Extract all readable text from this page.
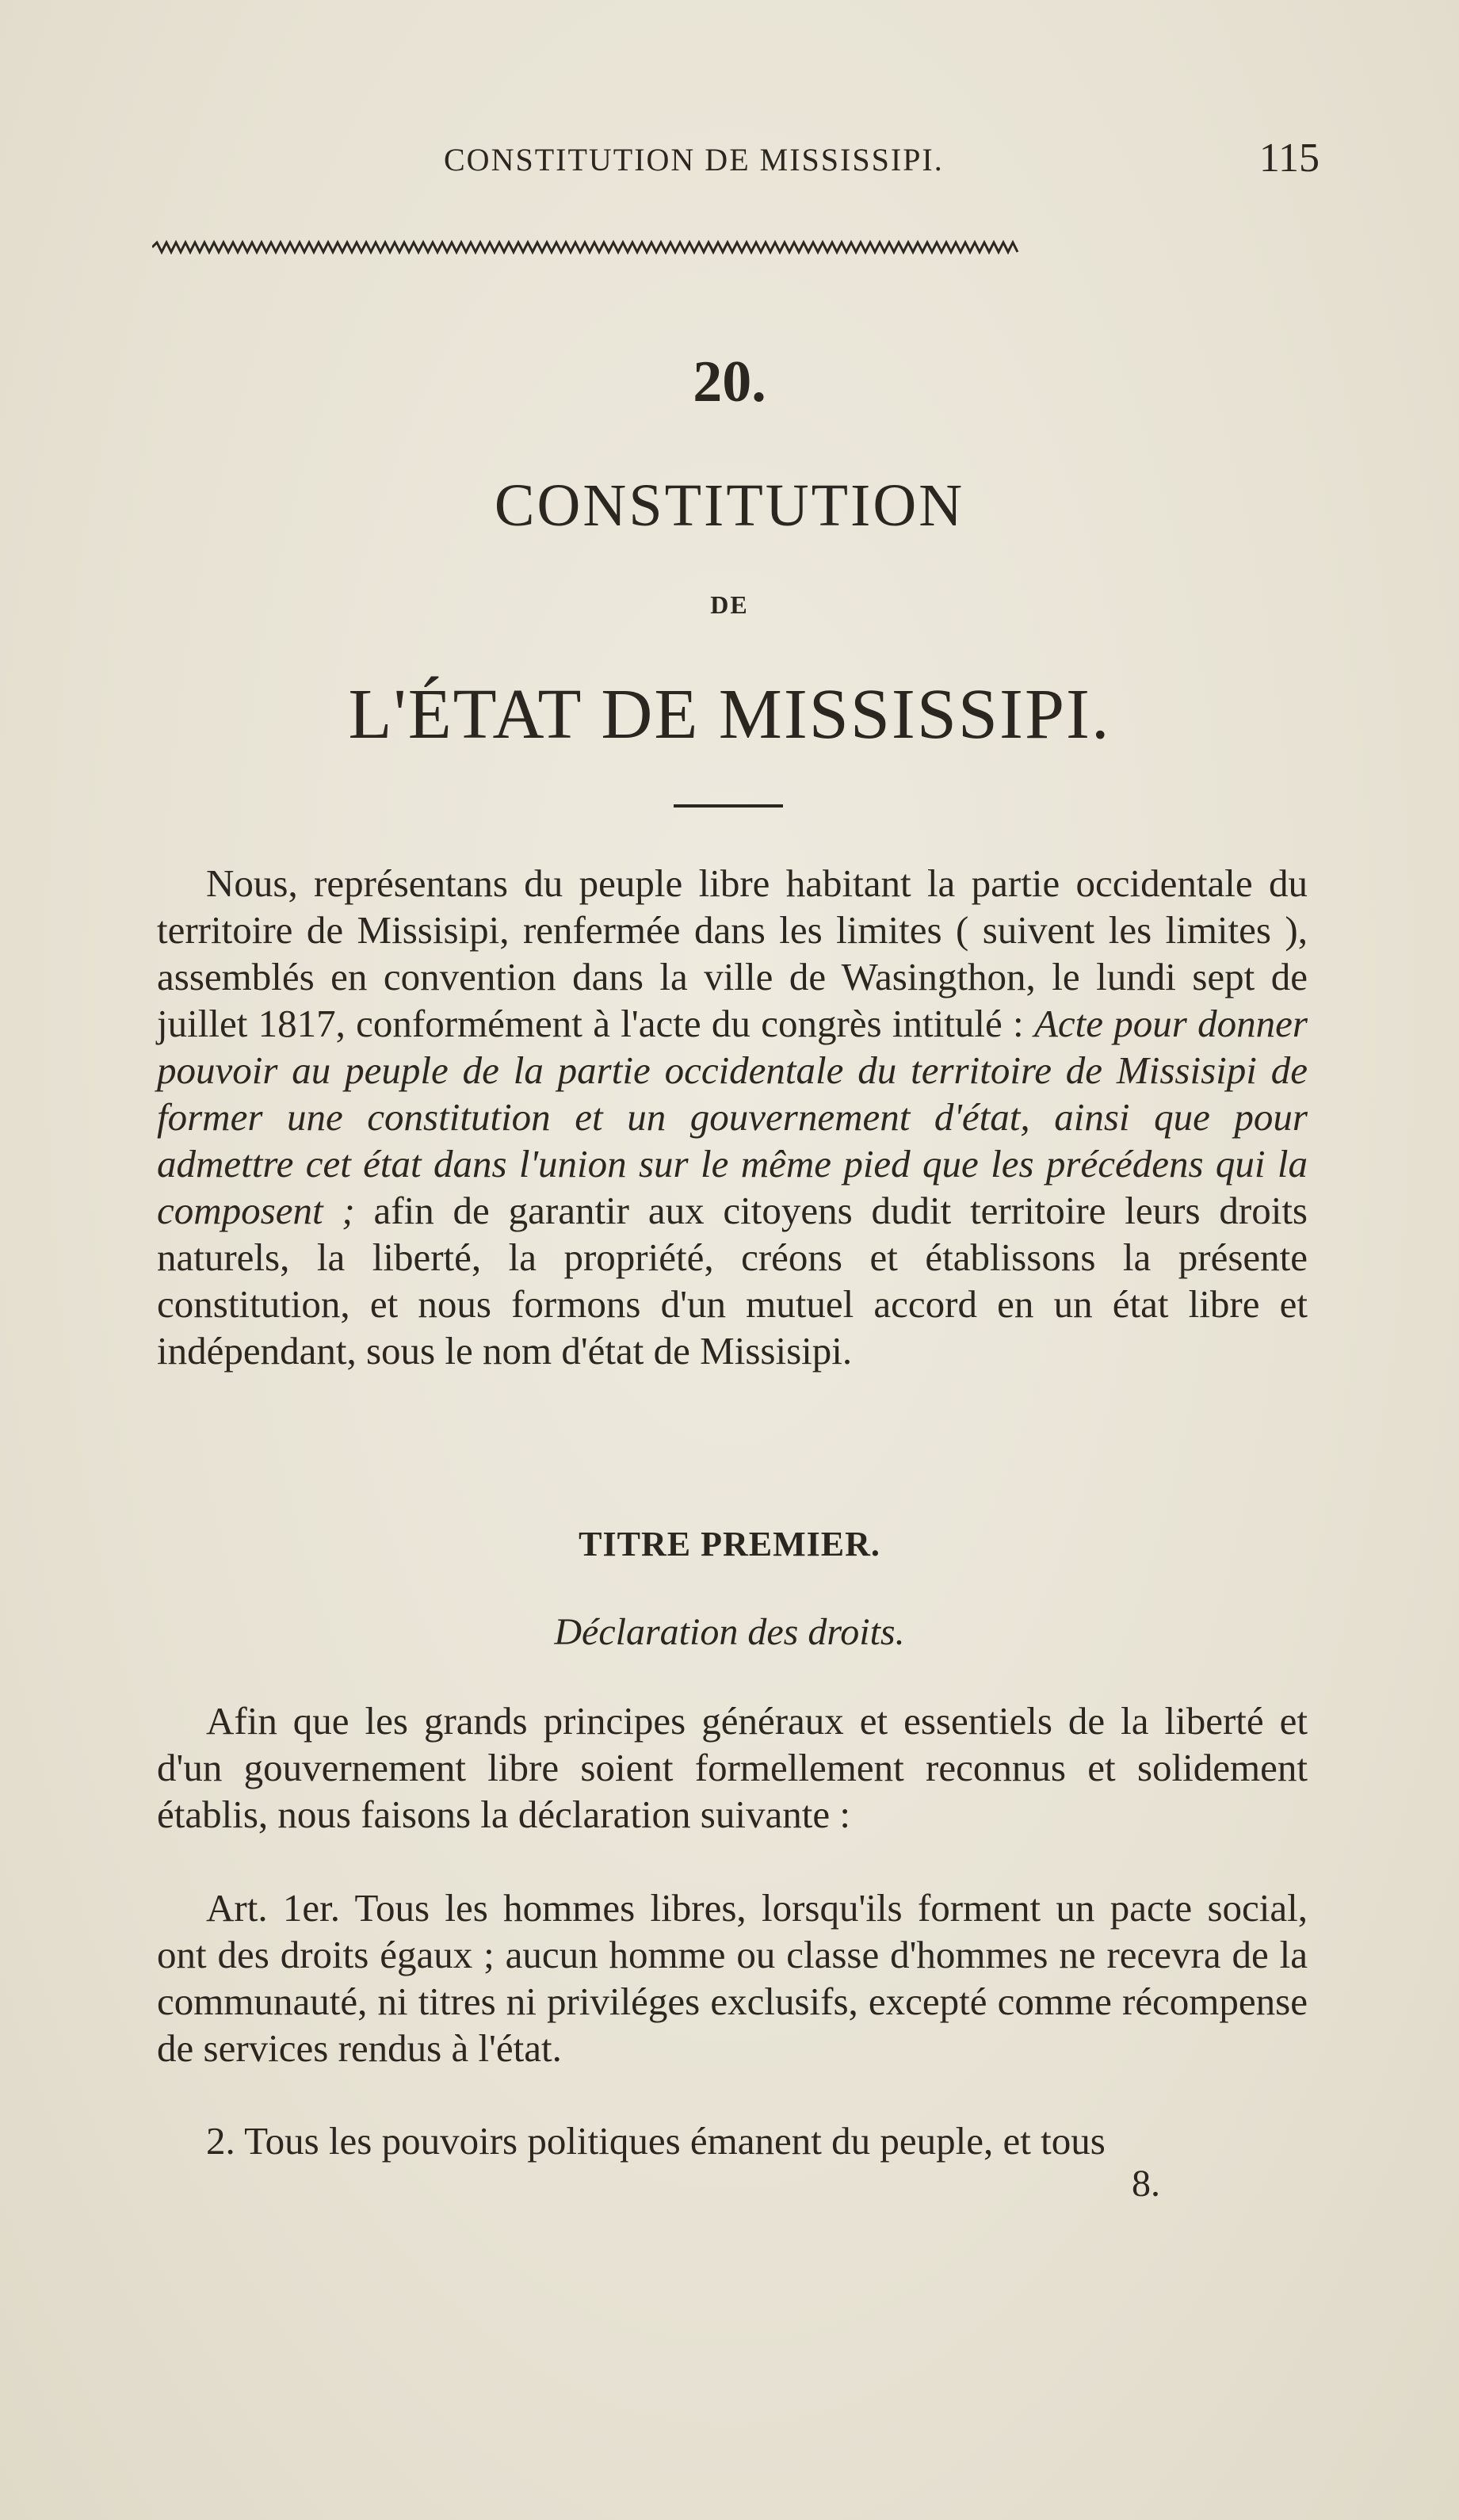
CONSTITUTION DE MISSISSIPI.	115
20.
CONSTITUTION
DE
L'ÉTAT DE MISSISSIPI.
Nous, représentans du peuple libre habitant la partie occidentale du territoire de Missisipi, renfermée dans les limites ( suivent les limites ), assemblés en convention dans la ville de Wasingthon, le lundi sept de juillet 1817, conformément à l'acte du congrès intitulé : Acte pour donner pouvoir au peuple de la partie occidentale du territoire de Missisipi de former une constitution et un gouvernement d'état, ainsi que pour admettre cet état dans l'union sur le même pied que les précédens qui la composent ; afin de garantir aux citoyens dudit territoire leurs droits naturels, la liberté, la propriété, créons et établissons la présente constitution, et nous formons d'un mutuel accord en un état libre et indépendant, sous le nom d'état de Missisipi.
TITRE PREMIER.
Déclaration des droits.
Afin que les grands principes généraux et essentiels de la liberté et d'un gouvernement libre soient formellement reconnus et solidement établis, nous faisons la déclaration suivante :
Art. 1er. Tous les hommes libres, lorsqu'ils forment un pacte social, ont des droits égaux ; aucun homme ou classe d'hommes ne recevra de la communauté, ni titres ni priviléges exclusifs, excepté comme récompense de services rendus à l'état.
2. Tous les pouvoirs politiques émanent du peuple, et tous
8.
